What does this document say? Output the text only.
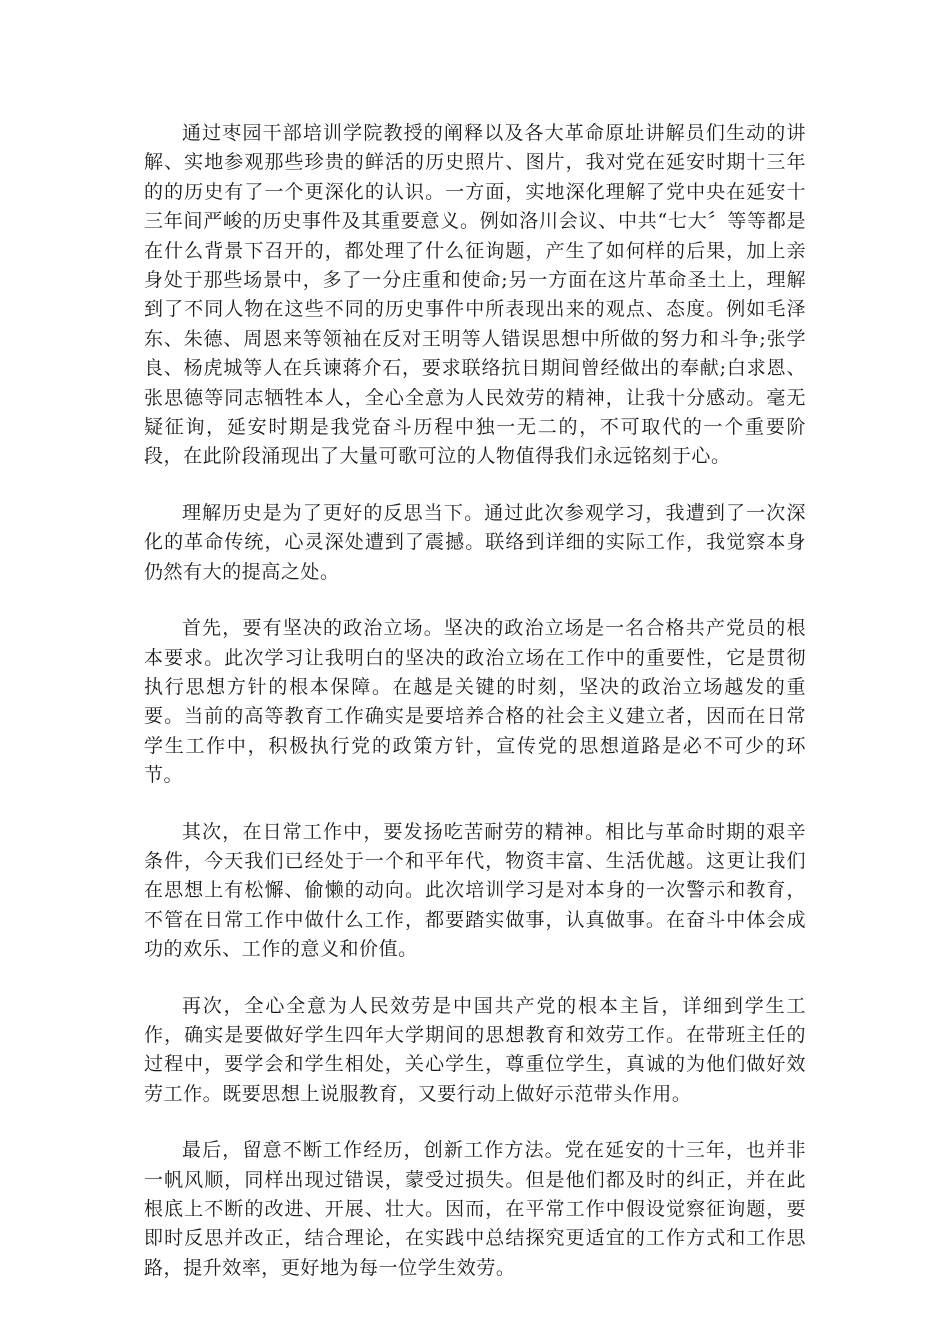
通过枣园干部培训学院教授的阐释以及各大革命原址讲解员们生动的讲解、实地参观那些珍贵的鲜活的历史照片、图片，我对党在延安时期十三年的的历史有了一个更深化的认识。一方面，实地深化理解了党中央在延安十三年间严峻的历史事件及其重要意义。例如洛川会议、中共“七大〞等等都是在什么背景下召开的，都处理了什么征询题，产生了如何样的后果，加上亲身处于那些场景中，多了一分庄重和使命;另一方面在这片革命圣土上，理解到了不同人物在这些不同的历史事件中所表现出来的观点、态度。例如毛泽东、朱德、周恩来等领袖在反对王明等人错误思想中所做的努力和斗争;张学良、杨虎城等人在兵谏蒋介石，要求联络抗日期间曾经做出的奉献;白求恩、张思德等同志牺牲本人，全心全意为人民效劳的精神，让我十分感动。毫无疑征询，延安时期是我党奋斗历程中独一无二的，不可取代的一个重要阶段，在此阶段涌现出了大量可歌可泣的人物值得我们永远铭刻于心。

理解历史是为了更好的反思当下。通过此次参观学习，我遭到了一次深化的革命传统，心灵深处遭到了震撼。联络到详细的实际工作，我觉察本身仍然有大的提高之处。

首先，要有坚决的政治立场。坚决的政治立场是一名合格共产党员的根本要求。此次学习让我明白的坚决的政治立场在工作中的重要性，它是贯彻执行思想方针的根本保障。在越是关键的时刻，坚决的政治立场越发的重要。当前的高等教育工作确实是要培养合格的社会主义建立者，因而在日常学生工作中，积极执行党的政策方针，宣传党的思想道路是必不可少的环节。

其次，在日常工作中，要发扬吃苦耐劳的精神。相比与革命时期的艰辛条件，今天我们已经处于一个和平年代，物资丰富、生活优越。这更让我们在思想上有松懈、偷懒的动向。此次培训学习是对本身的一次警示和教育，不管在日常工作中做什么工作，都要踏实做事，认真做事。在奋斗中体会成功的欢乐、工作的意义和价值。

再次，全心全意为人民效劳是中国共产党的根本主旨，详细到学生工作，确实是要做好学生四年大学期间的思想教育和效劳工作。在带班主任的过程中，要学会和学生相处，关心学生，尊重位学生，真诚的为他们做好效劳工作。既要思想上说服教育，又要行动上做好示范带头作用。

最后，留意不断工作经历，创新工作方法。党在延安的十三年，也并非一帆风顺，同样出现过错误，蒙受过损失。但是他们都及时的纠正，并在此根底上不断的改进、开展、壮大。因而，在平常工作中假设觉察征询题，要即时反思并改正，结合理论，在实践中总结探究更适宜的工作方式和工作思路，提升效率，更好地为每一位学生效劳。
